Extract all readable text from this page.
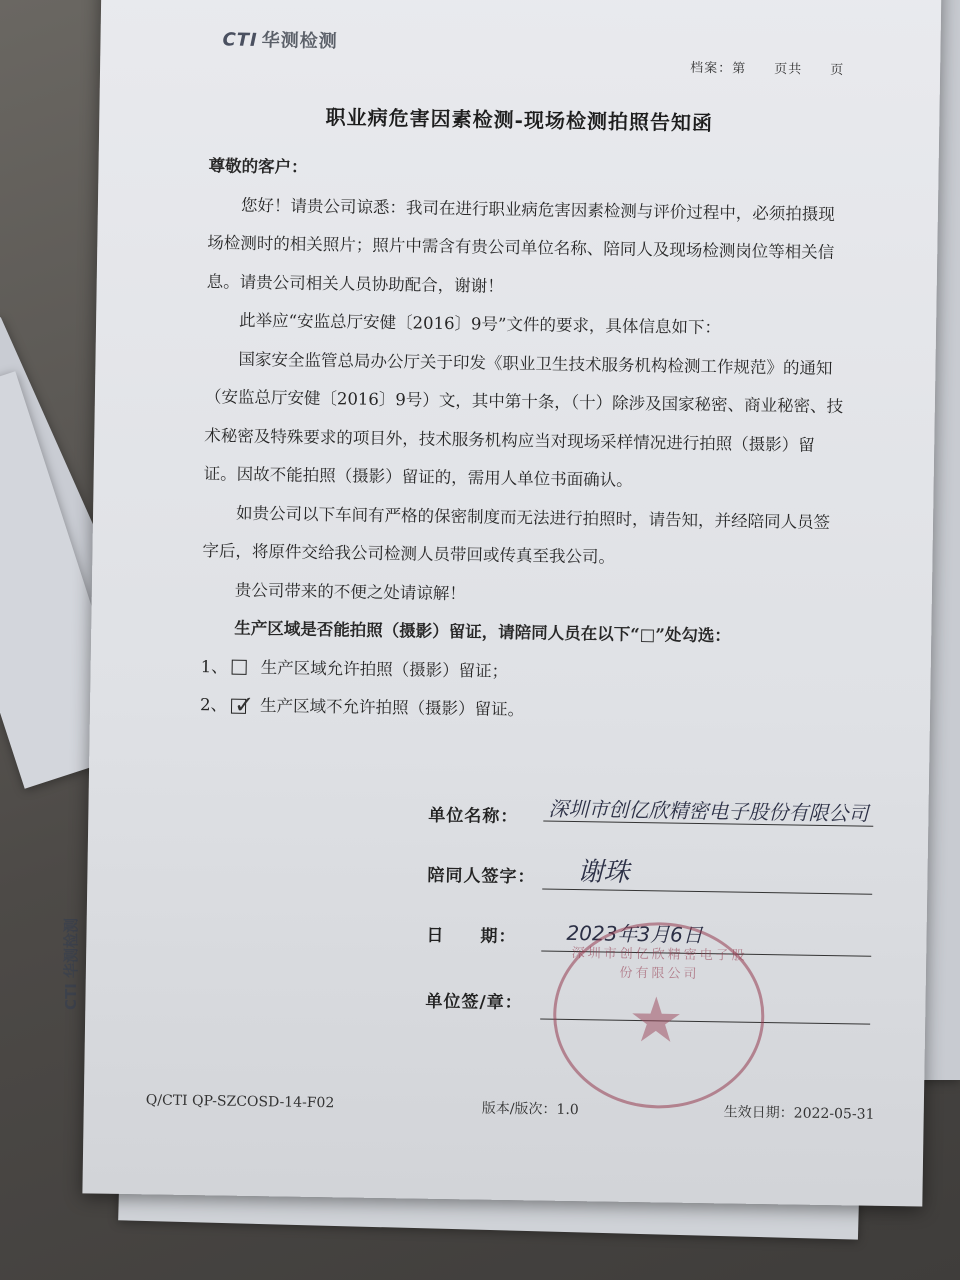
CTI 华测检测
CTI 华测检测
档案：第　　页共　　页
职业病危害因素检测-现场检测拍照告知函

尊敬的客户：

您好！请贵公司谅悉：我司在进行职业病危害因素检测与评价过程中，必须拍摄现场检测时的相关照片；照片中需含有贵公司单位名称、陪同人及现场检测岗位等相关信息。请贵公司相关人员协助配合，谢谢！

此举应“安监总厅安健〔2016〕9号”文件的要求，具体信息如下：

国家安全监管总局办公厅关于印发《职业卫生技术服务机构检测工作规范》的通知（安监总厅安健〔2016〕9号）文，其中第十条，（十）除涉及国家秘密、商业秘密、技术秘密及特殊要求的项目外，技术服务机构应当对现场采样情况进行拍照（摄影）留证。因故不能拍照（摄影）留证的，需用人单位书面确认。

如贵公司以下车间有严格的保密制度而无法进行拍照时，请告知，并经陪同人员签字后，将原件交给我公司检测人员带回或传真至我公司。

贵公司带来的不便之处请谅解！

生产区域是否能拍照（摄影）留证，请陪同人员在以下“□”处勾选：

1、 生产区域允许拍照（摄影）留证；
2、 ✓ 生产区域不允许拍照（摄影）留证。
单位名称： 深圳市创亿欣精密电子股份有限公司
陪同人签字： 谢珠
日　　期： 2023年3月6日
单位签/章：
深圳市创亿欣精密电子股份有限公司
★
Q/CTI QP-SZCOSD-14-F02	版本/版次：1.0	生效日期：2022-05-31
